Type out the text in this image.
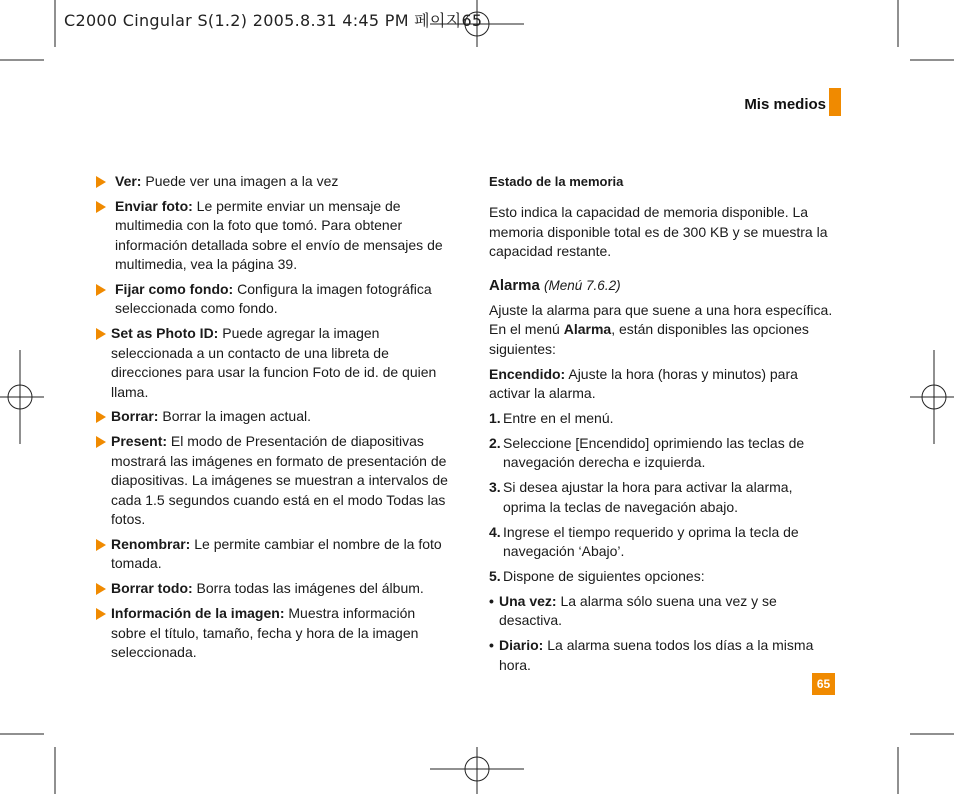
C2000 Cingular S(1.2) 2005.8.31 4:45 PM 페이지65
Mis medios
Ver: Puede ver una imagen a la vez
Enviar foto: Le permite enviar un mensaje de multimedia con la foto que tomó. Para obtener información detallada sobre el envío de mensajes de multimedia, vea la página 39.
Fijar como fondo: Configura la imagen fotográfica seleccionada como fondo.
Set as Photo ID: Puede agregar la imagen seleccionada a un contacto de una libreta de direcciones para usar la funcion Foto de id. de quien llama.
Borrar: Borrar la imagen actual.
Present: El modo de Presentación de diapositivas mostrará las imágenes en formato de presentación de diapositivas. La imágenes se muestran a intervalos de cada 1.5 segundos cuando está en el modo Todas las fotos.
Renombrar: Le permite cambiar el nombre de la foto tomada.
Borrar todo: Borra todas las imágenes del álbum.
Información de la imagen: Muestra información sobre el título, tamaño, fecha y hora de la imagen seleccionada.
Estado de la memoria
Esto indica la capacidad de memoria disponible. La memoria disponible total es de 300 KB y se muestra la capacidad restante.
Alarma (Menú 7.6.2)
Ajuste la alarma para que suene a una hora específica. En el menú Alarma, están disponibles las opciones siguientes:
Encendido: Ajuste la hora (horas y minutos) para activar la alarma.
1. Entre en el menú.
2. Seleccione [Encendido] oprimiendo las teclas de navegación derecha e izquierda.
3. Si desea ajustar la hora para activar la alarma, oprima la teclas de navegación abajo.
4. Ingrese el tiempo requerido y oprima la tecla de navegación ‘Abajo’.
5. Dispone de siguientes opciones:
• Una vez: La alarma sólo suena una vez y se desactiva.
• Diario: La alarma suena todos los días a la misma hora.
65
